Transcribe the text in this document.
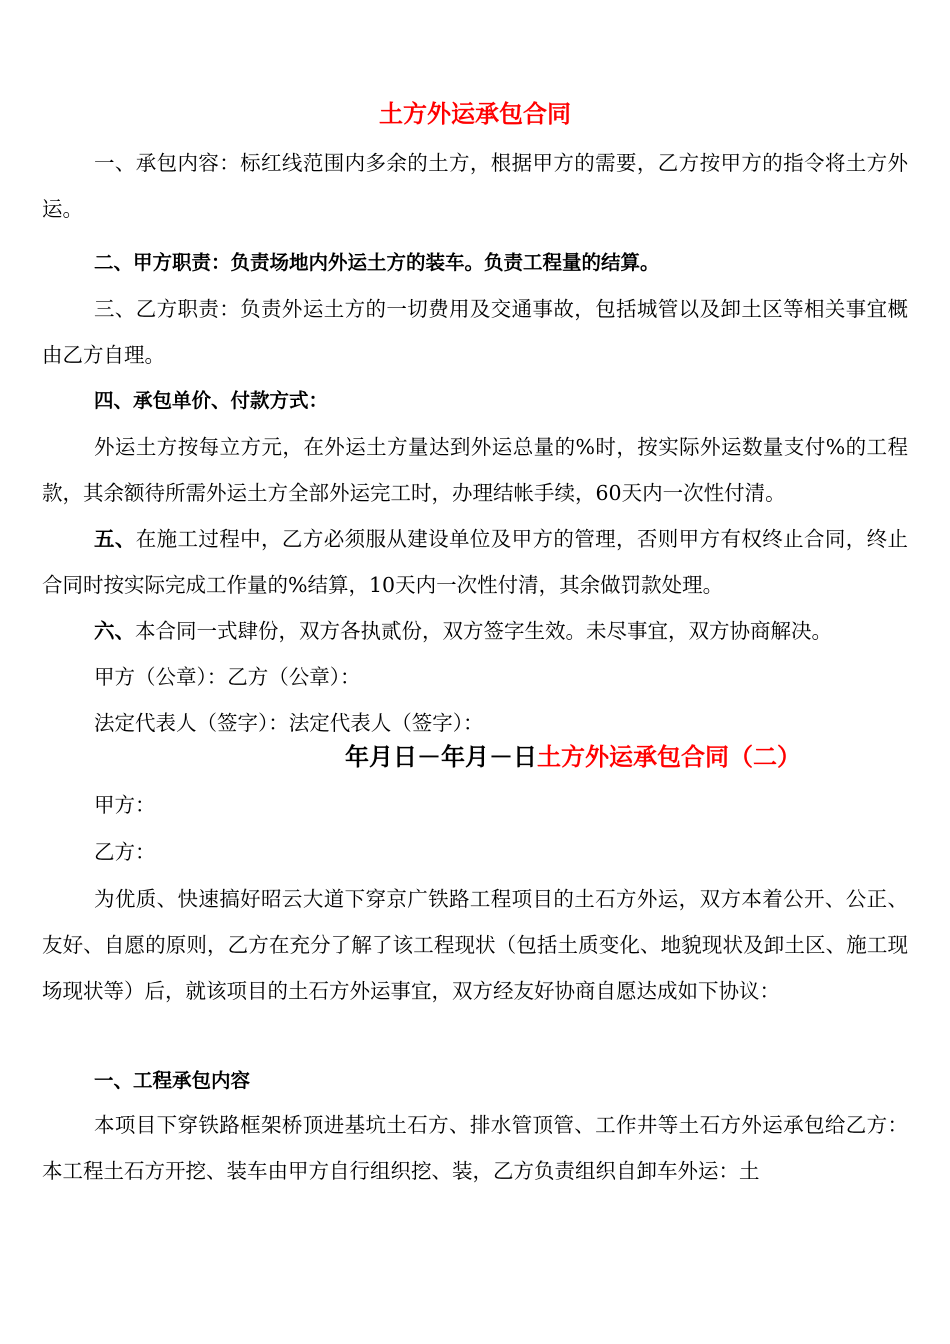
土方外运承包合同
一、承包内容：标红线范围内多余的土方，根据甲方的需要，乙方按甲方的指令将土方外运。
二、甲方职责：负责场地内外运土方的装车。负责工程量的结算。
三、乙方职责：负责外运土方的一切费用及交通事故，包括城管以及卸土区等相关事宜概由乙方自理。
四、承包单价、付款方式：
外运土方按每立方元，在外运土方量达到外运总量的%时，按实际外运数量支付%的工程款，其余额待所需外运土方全部外运完工时，办理结帐手续，60天内一次性付清。
五、在施工过程中，乙方必须服从建设单位及甲方的管理，否则甲方有权终止合同，终止合同时按实际完成工作量的%结算，10天内一次性付清，其余做罚款处理。
六、本合同一式肆份，双方各执贰份，双方签字生效。未尽事宜，双方协商解决。
甲方（公章）：乙方（公章）：
法定代表人（签字）：法定代表人（签字）：
年月日－年月－日土方外运承包合同（二）
甲方：
乙方：
为优质、快速搞好昭云大道下穿京广铁路工程项目的土石方外运，双方本着公开、公正、友好、自愿的原则，乙方在充分了解了该工程现状（包括土质变化、地貌现状及卸土区、施工现场现状等）后，就该项目的土石方外运事宜，双方经友好协商自愿达成如下协议：
一、工程承包内容
本项目下穿铁路框架桥顶进基坑土石方、排水管顶管、工作井等土石方外运承包给乙方：本工程土石方开挖、装车由甲方自行组织挖、装，乙方负责组织自卸车外运：土
